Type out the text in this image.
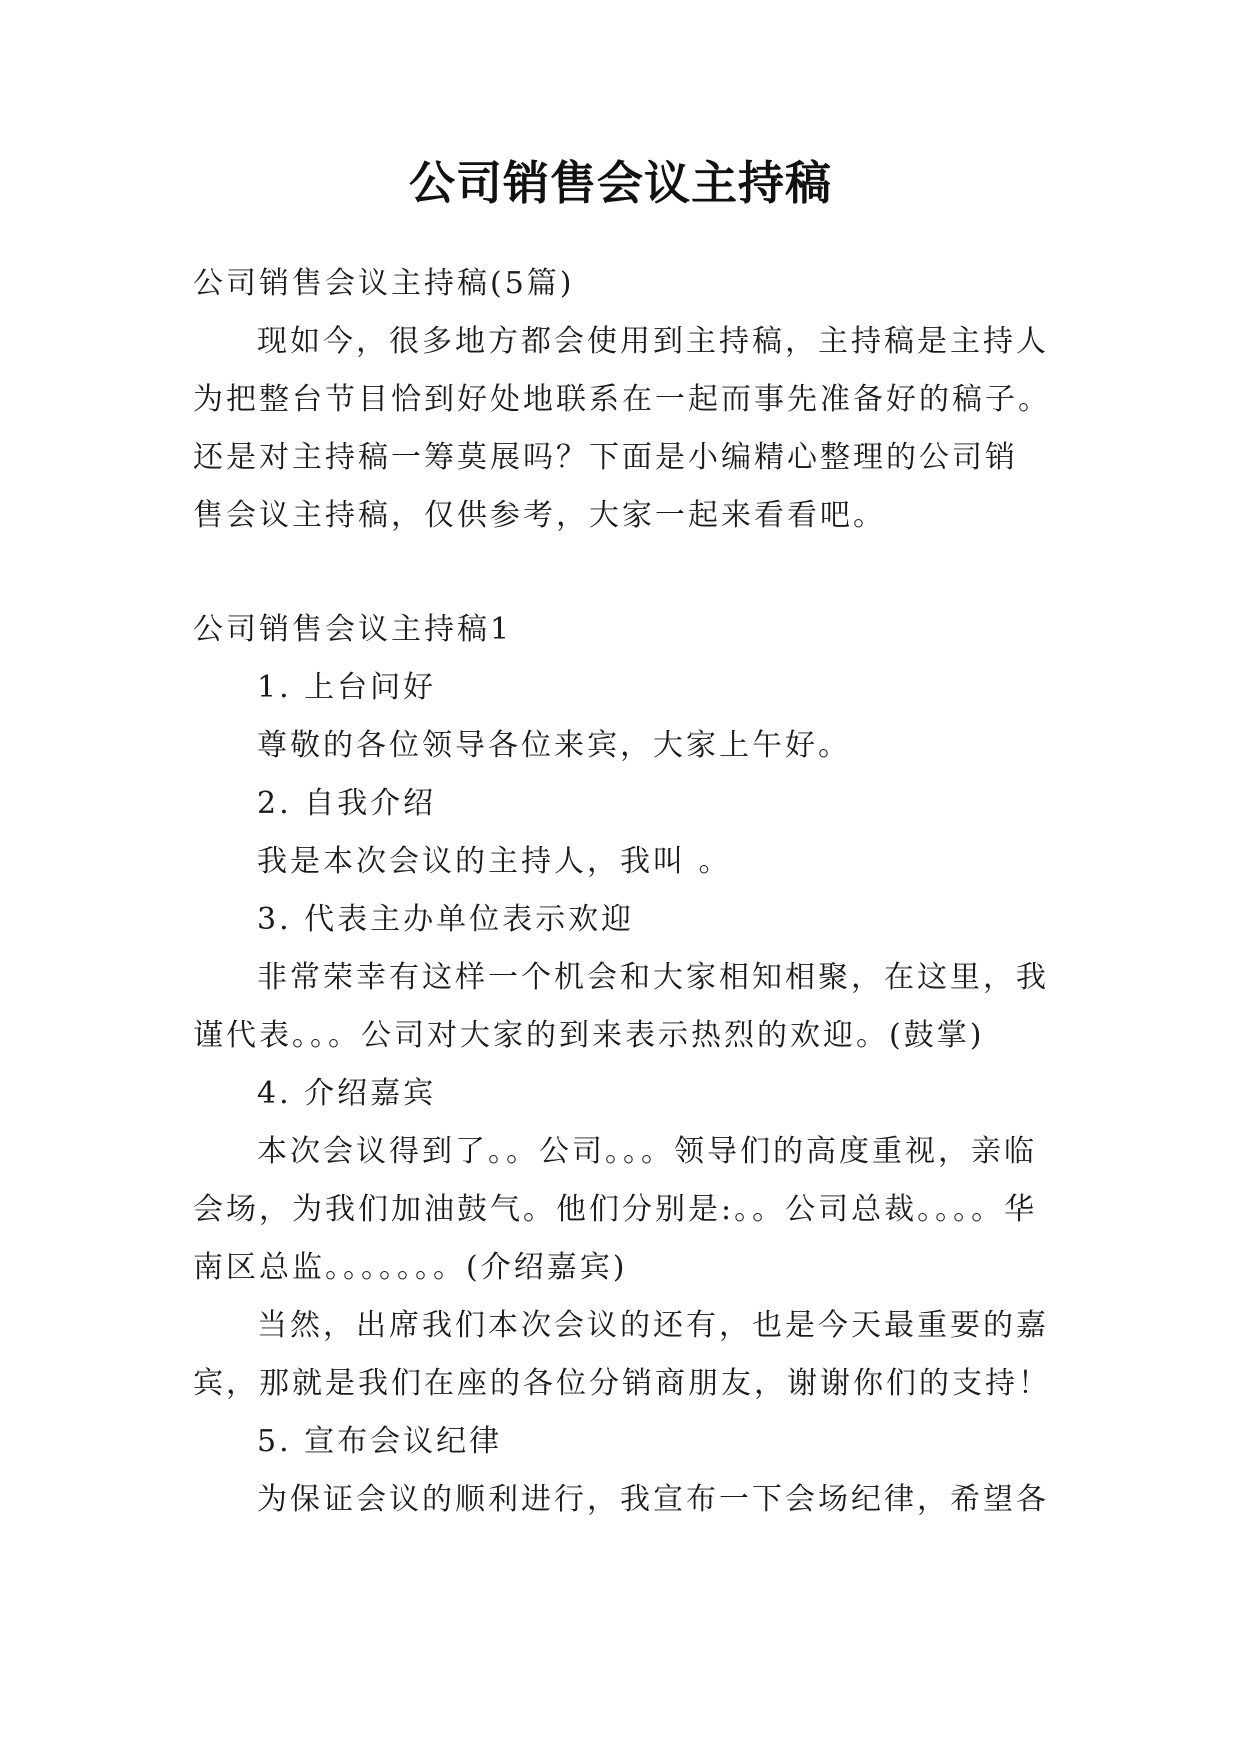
公司销售会议主持稿
公司销售会议主持稿(5篇)
现如今，很多地方都会使用到主持稿，主持稿是主持人
为把整台节目恰到好处地联系在一起而事先准备好的稿子。
还是对主持稿一筹莫展吗？下面是小编精心整理的公司销
售会议主持稿，仅供参考，大家一起来看看吧。
公司销售会议主持稿1
1. 上台问好
尊敬的各位领导各位来宾，大家上午好。
2. 自我介绍
我是本次会议的主持人，我叫 。
3. 代表主办单位表示欢迎
非常荣幸有这样一个机会和大家相知相聚，在这里，我
谨代表。。。公司对大家的到来表示热烈的欢迎。(鼓掌)
4. 介绍嘉宾
本次会议得到了。。公司。。。领导们的高度重视，亲临
会场，为我们加油鼓气。他们分别是:。。公司总裁。。。。华
南区总监。。。。。。。(介绍嘉宾)
当然，出席我们本次会议的还有，也是今天最重要的嘉
宾，那就是我们在座的各位分销商朋友，谢谢你们的支持！
5. 宣布会议纪律
为保证会议的顺利进行，我宣布一下会场纪律，希望各
